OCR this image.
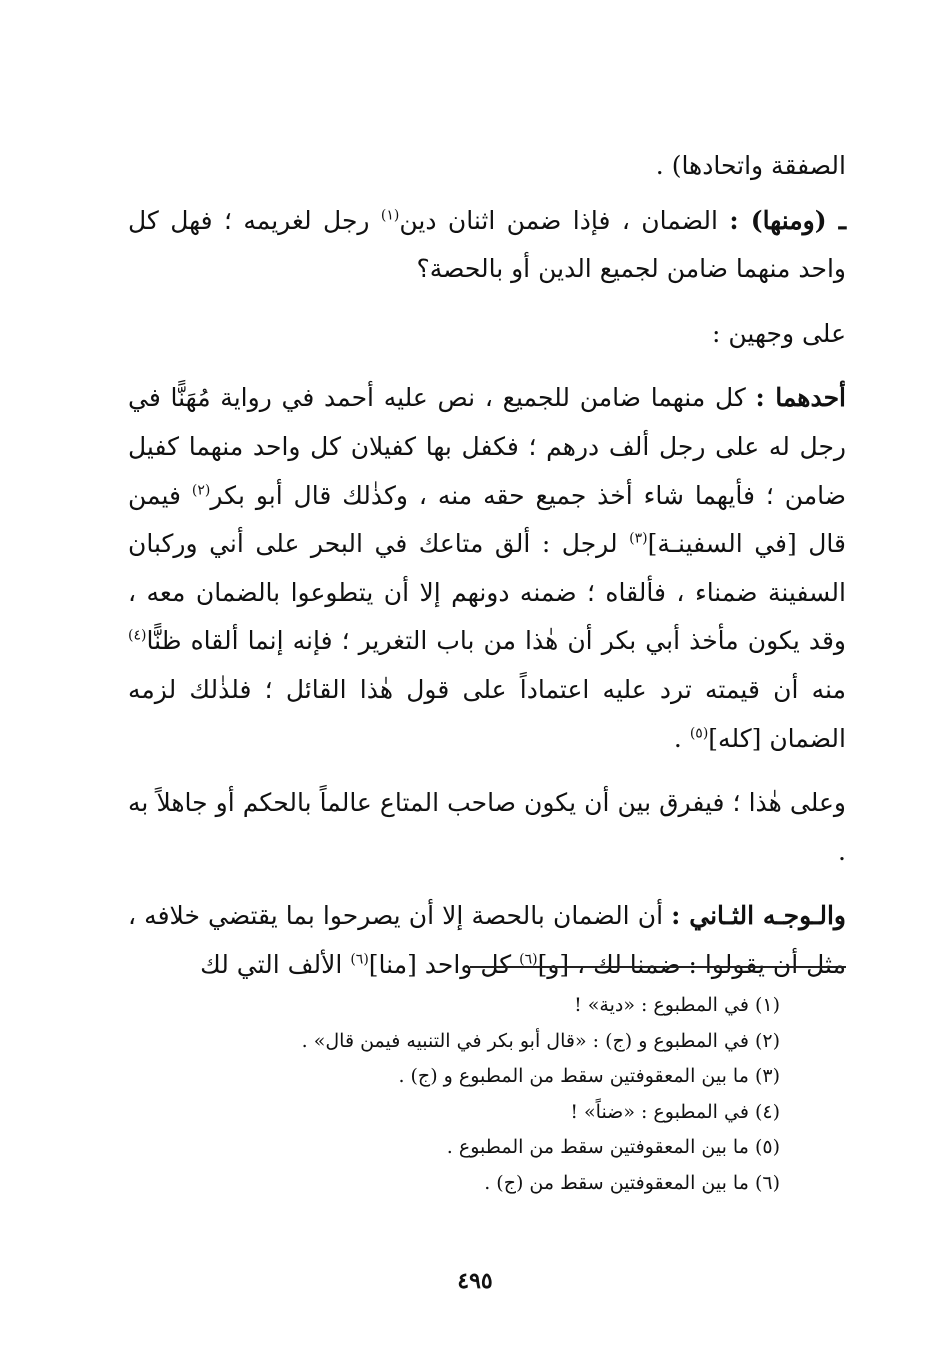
الصفقة واتحادها) .

ـ (ومنها) : الضمان ، فإذا ضمن اثنان دين$^{(١)}$ رجل لغريمه ؛ فهل كل واحد منهما ضامن لجميع الدين أو بالحصة؟

على وجهين :

أحدهما : كل منهما ضامن للجميع ، نص عليه أحمد في رواية مُهَنًّا في رجل له على رجل ألف درهم ؛ فكفل بها كفيلان كل واحد منهما كفيل ضامن ؛ فأيهما شاء أخذ جميع حقه منه ، وكذٰلك قال أبو بكر$^{(٢)}$ فيمن قال [في السفينـة]$^{(٣)}$ لرجل : ألق متاعك في البحر على أني وركبان السفينة ضمناء ، فألقاه ؛ ضمنه دونهم إلا أن يتطوعوا بالضمان معه ، وقد يكون مأخذ أبي بكر أن هٰذا من باب التغرير ؛ فإنه إنما ألقاه ظنًّا$^{(٤)}$ منه أن قيمته ترد عليه اعتماداً على قول هٰذا القائل ؛ فلذٰلك لزمه الضمان [كله]$^{(٥)}$ .

وعلى هٰذا ؛ فيفرق بين أن يكون صاحب المتاع عالماً بالحكم أو جاهلاً به .

والـوجـه الثـاني : أن الضمان بالحصة إلا أن يصرحوا بما يقتضي خلافه ، مثل أن يقولوا : ضمنا لك ، [و]$^{(٦)}$ كل واحد [منا]$^{(٦)}$ الألف التي لك

(١) في المطبوع : «دية» !
(٢) في المطبوع و (ج) : «قال أبو بكر في التنبيه فيمن قال» .
(٣) ما بين المعقوفتين سقط من المطبوع و (ج) .
(٤) في المطبوع : «ضناً» !
(٥) ما بين المعقوفتين سقط من المطبوع .
(٦) ما بين المعقوفتين سقط من (ج) .
٤٩٥
